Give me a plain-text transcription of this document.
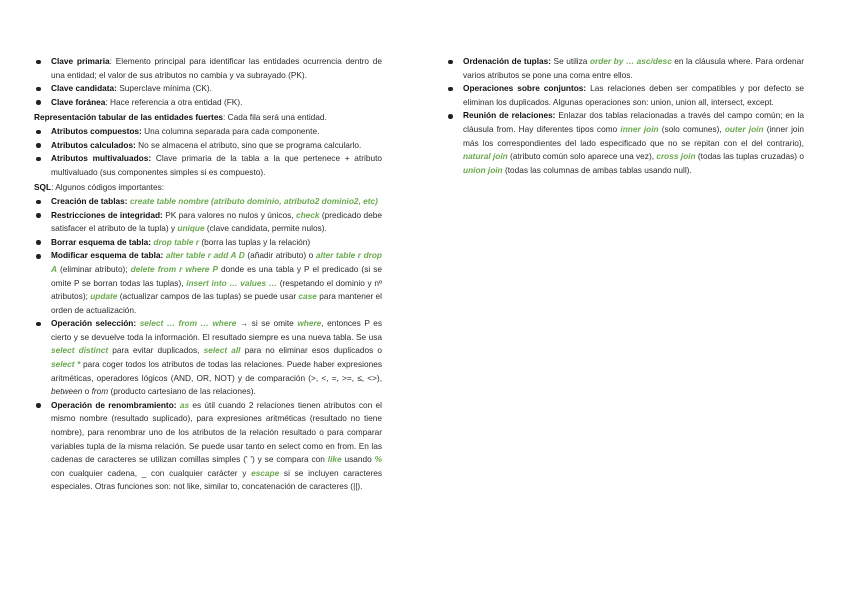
Clave primaria: Elemento principal para identificar las entidades ocurrencia dentro de una entidad; el valor de sus atributos no cambia y va subrayado (PK).
Clave candidata: Superclave mínima (CK).
Clave foránea: Hace referencia a otra entidad (FK).

Representación tabular de las entidades fuertes: Cada fila será una entidad.

Atributos compuestos: Una columna separada para cada componente.
Atributos calculados: No se almacena el atributo, sino que se programa calcularlo.
Atributos multivaluados: Clave primaria de la tabla a la que pertenece + atributo multivaluado (sus componentes simples si es compuesto).

SQL: Algunos códigos importantes:

Creación de tablas: create table nombre (atributo dominio, atributo2 dominio2, etc)
Restricciones de integridad: PK para valores no nulos y únicos, check (predicado debe satisfacer el atributo de la tupla) y unique (clave candidata, permite nulos).
Borrar esquema de tabla: drop table r (borra las tuplas y la relación)
Modificar esquema de tabla: alter table r add A D (añadir atributo) o alter table r drop A (eliminar atributo); delete from r where P donde es una tabla y P el predicado (si se omite P se borran todas las tuplas), insert into … values … (respetando el dominio y nº atributos); update (actualizar campos de las tuplas) se puede usar case para mantener el orden de actualización.
Operación selección: select … from … where → si se omite where, entonces P es cierto y se devuelve toda la información. El resultado siempre es una nueva tabla. Se usa select distinct para evitar duplicados, select all para no eliminar esos duplicados o select * para coger todos los atributos de todas las relaciones. Puede haber expresiones aritméticas, operadores lógicos (AND, OR, NOT) y de comparación (>, <, =, >=, ≤, <>), between o from (producto cartesiano de las relaciones).
Operación de renombramiento: as es útil cuando 2 relaciones tienen atributos con el mismo nombre (resultado suplicado), para expresiones aritméticas (resultado no tiene nombre), para renombrar uno de los atributos de la relación resultado o para comparar variables tupla de la misma relación. Se puede usar tanto en select como en from. En las cadenas de caracteres se utilizan comillas simples (' ') y se compara con like usando % con cualquier cadena, _ con cualquier carácter y escape si se incluyen caracteres especiales. Otras funciones son: not like, similar to, concatenación de caracteres (||).
Ordenación de tuplas: Se utiliza order by … asc/desc en la cláusula where. Para ordenar varios atributos se pone una coma entre ellos.
Operaciones sobre conjuntos: Las relaciones deben ser compatibles y por defecto se eliminan los duplicados. Algunas operaciones son: union, union all, intersect, except.
Reunión de relaciones: Enlazar dos tablas relacionadas a través del campo común; en la cláusula from. Hay diferentes tipos como inner join (solo comunes), outer join (inner join más los correspondientes del lado especificado que no se repitan con el del contrario), natural join (atributo común solo aparece una vez), cross join (todas las tuplas cruzadas) o union join (todas las columnas de ambas tablas usando null).
